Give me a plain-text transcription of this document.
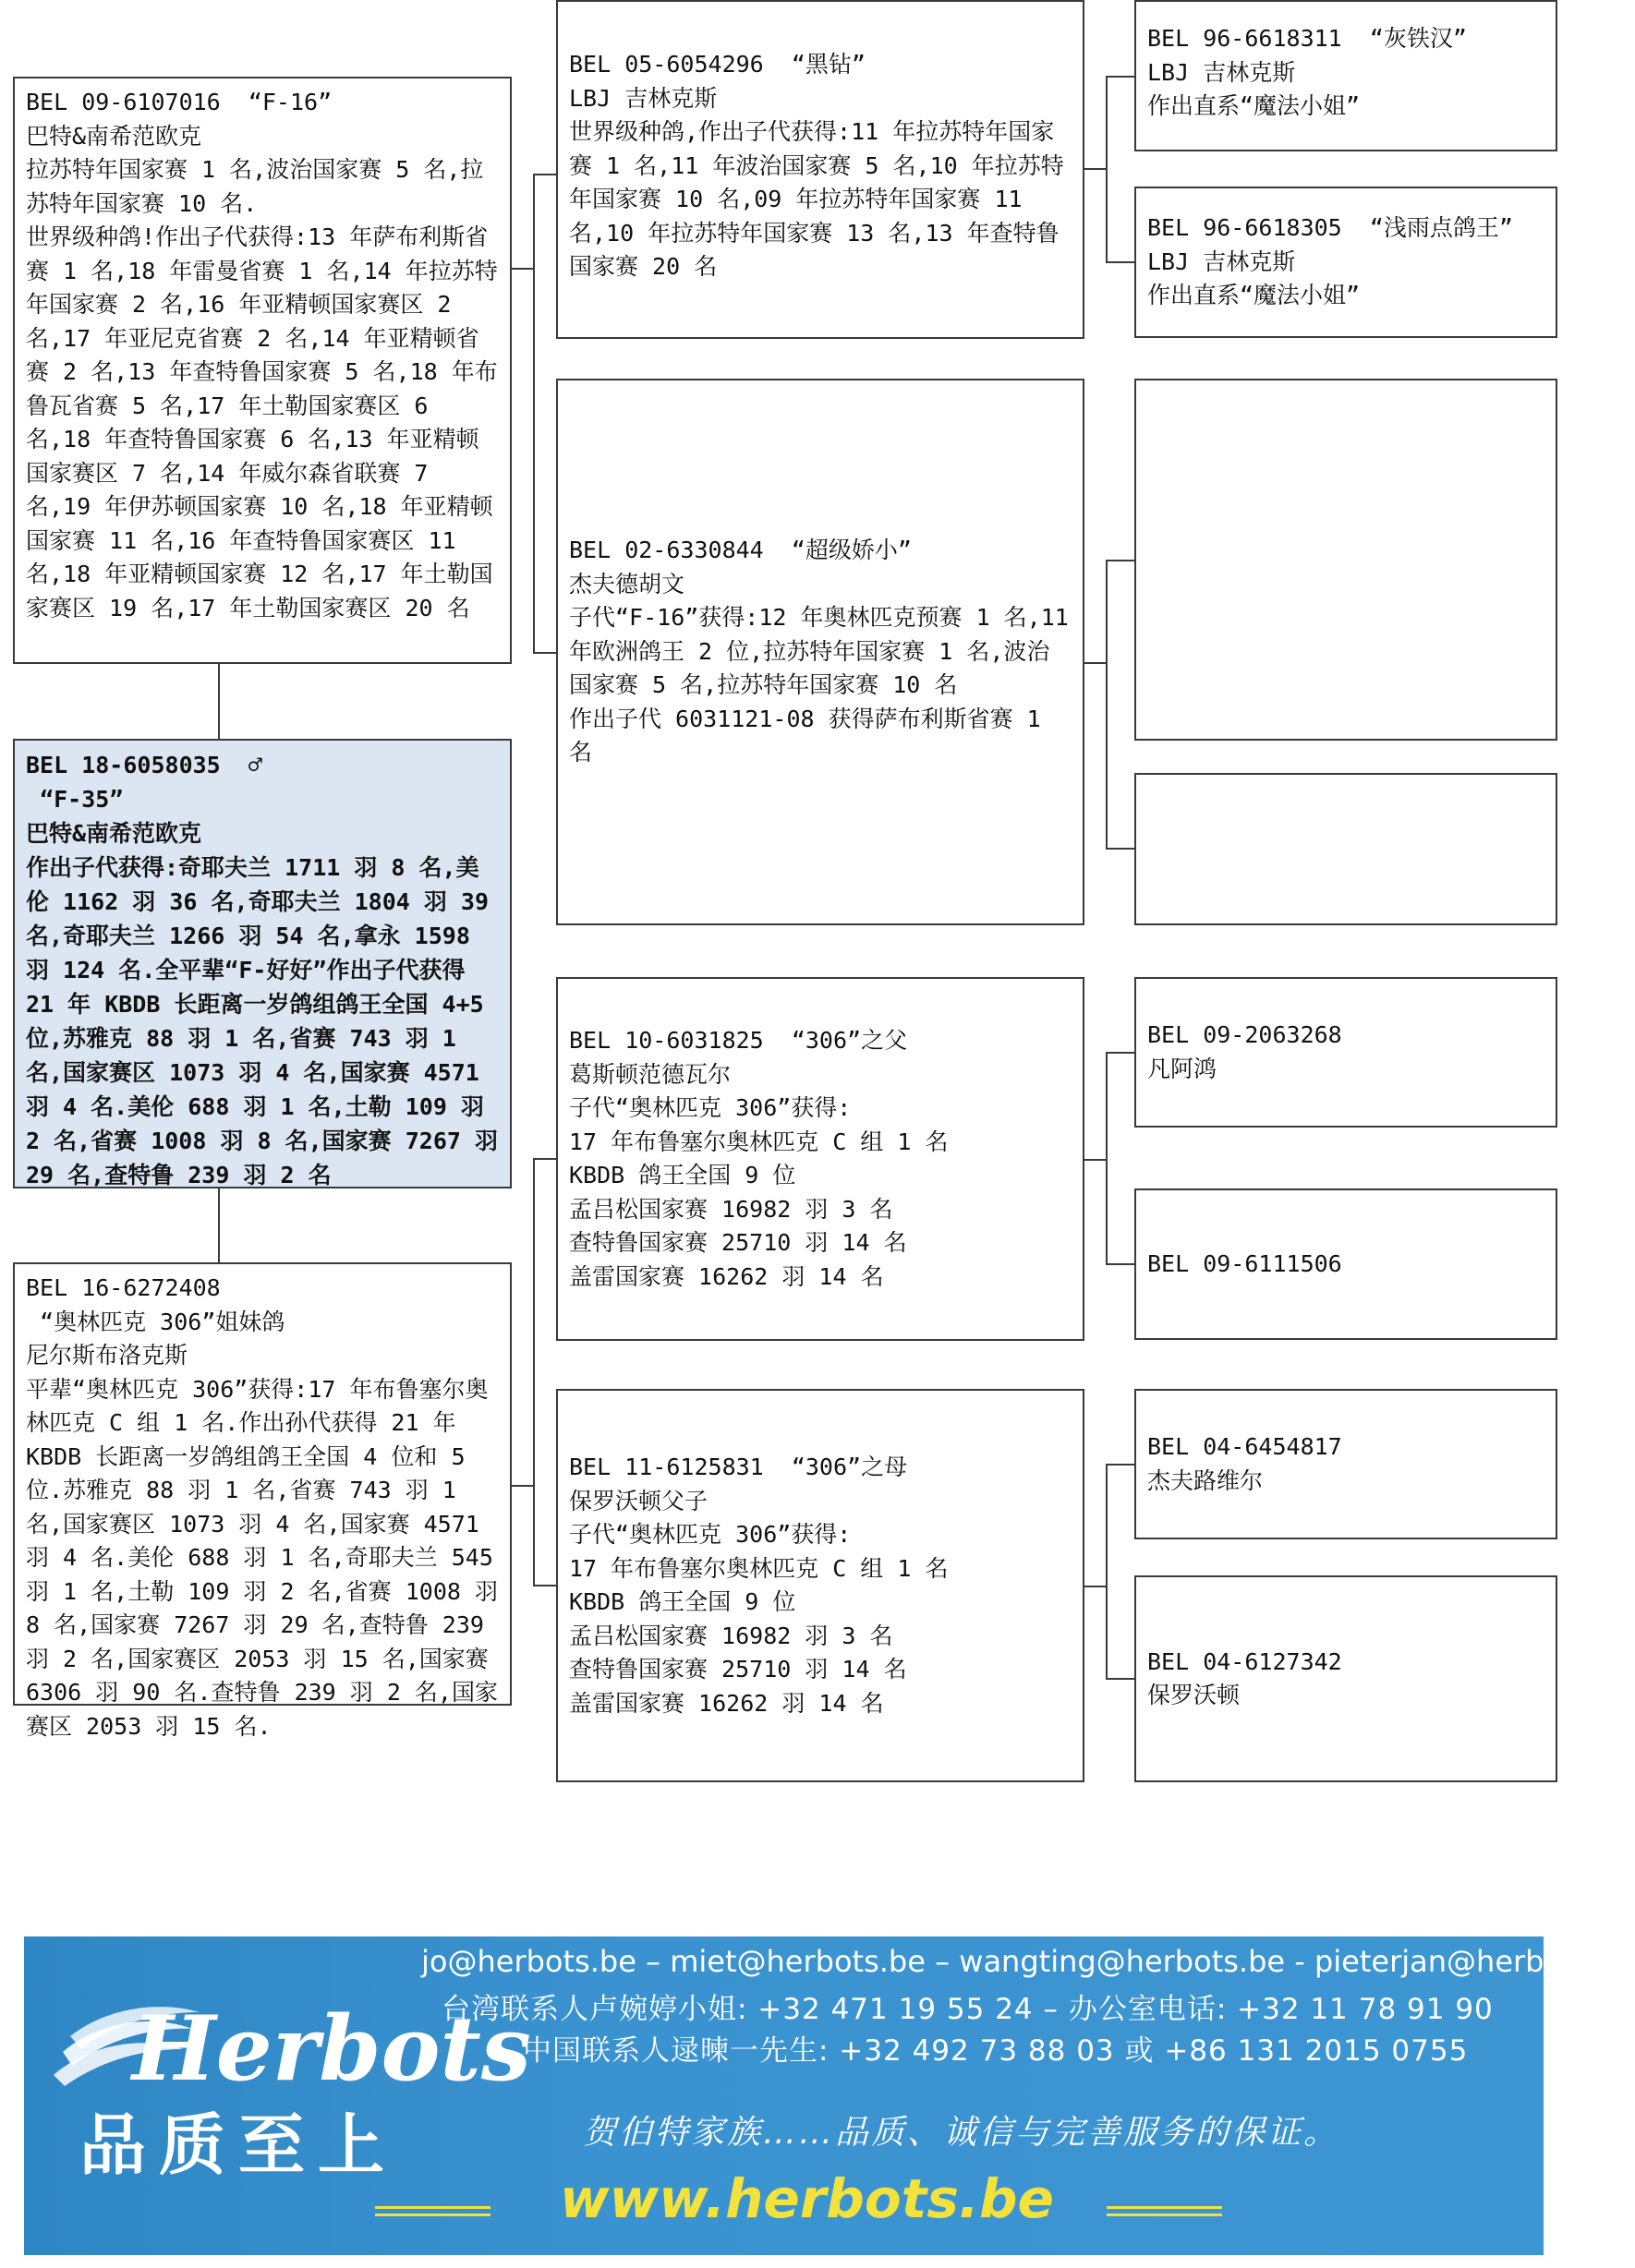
BEL 09-6107016  “F-16”
巴特&南希范欧克
拉苏特年国家赛 1 名,波治国家赛 5 名,拉苏特年国家赛 10 名.
世界级种鸽!作出子代获得:13 年萨布利斯省赛 1 名,18 年雷曼省赛 1 名,14 年拉苏特年国家赛 2 名,16 年亚精顿国家赛区 2 名,17 年亚尼克省赛 2 名,14 年亚精顿省赛 2 名,13 年查特鲁国家赛 5 名,18 年布鲁瓦省赛 5 名,17 年土勒国家赛区 6 名,18 年查特鲁国家赛 6 名,13 年亚精顿国家赛区 7 名,14 年威尔森省联赛 7 名,19 年伊苏顿国家赛 10 名,18 年亚精顿国家赛 11 名,16 年查特鲁国家赛区 11 名,18 年亚精顿国家赛 12 名,17 年土勒国家赛区 19 名,17 年土勒国家赛区 20 名
BEL 18-6058035  ♂
“F-35”
巴特&南希范欧克
作出子代获得:奇耶夫兰 1711 羽 8 名,美伦 1162 羽 36 名,奇耶夫兰 1804 羽 39 名,奇耶夫兰 1266 羽 54 名,拿永 1598 羽 124 名.全平辈“F-好好”作出子代获得 21 年 KBDB 长距离一岁鸽组鸽王全国 4+5 位,苏雅克 88 羽 1 名,省赛 743 羽 1 名,国家赛区 1073 羽 4 名,国家赛 4571 羽 4 名.美伦 688 羽 1 名,土勒 109 羽 2 名,省赛 1008 羽 8 名,国家赛 7267 羽 29 名,查特鲁 239 羽 2 名
BEL 16-6272408
“奥林匹克 306”姐妹鸽
尼尔斯布洛克斯
平辈“奥林匹克 306”获得:17 年布鲁塞尔奥林匹克 C 组 1 名.作出孙代获得 21 年 KBDB 长距离一岁鸽组鸽王全国 4 位和 5 位.苏雅克 88 羽 1 名,省赛 743 羽 1 名,国家赛区 1073 羽 4 名,国家赛 4571 羽 4 名.美伦 688 羽 1 名,奇耶夫兰 545 羽 1 名,土勒 109 羽 2 名,省赛 1008 羽 8 名,国家赛 7267 羽 29 名,查特鲁 239 羽 2 名,国家赛区 2053 羽 15 名,国家赛 6306 羽 90 名.查特鲁 239 羽 2 名,国家赛区 2053 羽 15 名.
BEL 05-6054296  “黑钻”
LBJ 吉林克斯
世界级种鸽,作出子代获得:11 年拉苏特年国家赛 1 名,11 年波治国家赛 5 名,10 年拉苏特年国家赛 10 名,09 年拉苏特年国家赛 11 名,10 年拉苏特年国家赛 13 名,13 年查特鲁国家赛 20 名
BEL 02-6330844  “超级娇小”
杰夫德胡文
子代“F-16”获得:12 年奥林匹克预赛 1 名,11 年欧洲鸽王 2 位,拉苏特年国家赛 1 名,波治国家赛 5 名,拉苏特年国家赛 10 名
作出子代 6031121-08 获得萨布利斯省赛 1 名
BEL 10-6031825  “306”之父
葛斯顿范德瓦尔
子代“奥林匹克 306”获得:
17 年布鲁塞尔奥林匹克 C 组 1 名
KBDB 鸽王全国 9 位
孟吕松国家赛 16982 羽 3 名
查特鲁国家赛 25710 羽 14 名
盖雷国家赛 16262 羽 14 名
BEL 11-6125831  “306”之母
保罗沃顿父子
子代“奥林匹克 306”获得:
17 年布鲁塞尔奥林匹克 C 组 1 名
KBDB 鸽王全国 9 位
孟吕松国家赛 16982 羽 3 名
查特鲁国家赛 25710 羽 14 名
盖雷国家赛 16262 羽 14 名
BEL 96-6618311  “灰铁汉”
LBJ 吉林克斯
作出直系“魔法小姐”
BEL 96-6618305  “浅雨点鸽王”
LBJ 吉林克斯
作出直系“魔法小姐”
BEL 09-2063268
凡阿鸿
BEL 09-6111506
BEL 04-6454817
杰夫路维尔
BEL 04-6127342
保罗沃顿
Herbots
品质至上
jo@herbots.be – miet@herbots.be – wangting@herbots.be - pieterjan@herbots.be
台湾联系人卢婉婷小姐: +32 471 19 55 24 – 办公室电话: +32 11 78 91 90
中国联系人逯暕一先生: +32 492 73 88 03 或 +86 131 2015 0755
贺伯特家族……品质、诚信与完善服务的保证。
www.herbots.be
